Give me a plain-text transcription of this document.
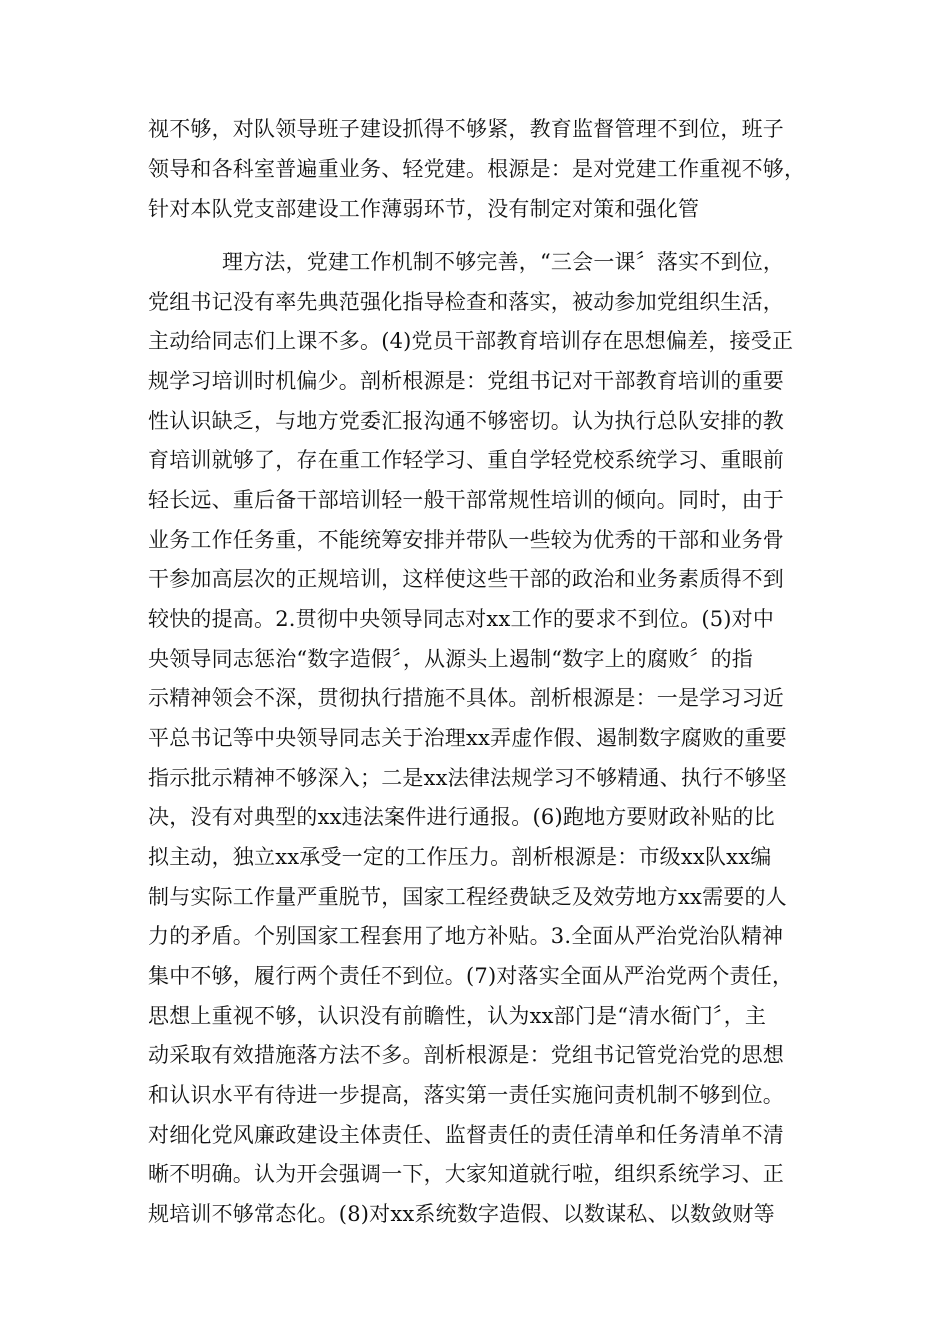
视不够，对队领导班子建设抓得不够紧，教育监督管理不到位，班子
领导和各科室普遍重业务、轻党建。根源是：是对党建工作重视不够，
针对本队党支部建设工作薄弱环节，没有制定对策和强化管
理方法，党建工作机制不够完善，“三会一课〞落实不到位，
党组书记没有率先典范强化指导检查和落实，被动参加党组织生活，
主动给同志们上课不多。(4)党员干部教育培训存在思想偏差，接受正
规学习培训时机偏少。剖析根源是：党组书记对干部教育培训的重要
性认识缺乏，与地方党委汇报沟通不够密切。认为执行总队安排的教
育培训就够了，存在重工作轻学习、重自学轻党校系统学习、重眼前
轻长远、重后备干部培训轻一般干部常规性培训的倾向。同时，由于
业务工作任务重，不能统筹安排并带队一些较为优秀的干部和业务骨
干参加高层次的正规培训，这样使这些干部的政治和业务素质得不到
较快的提高。2.贯彻中央领导同志对xx工作的要求不到位。(5)对中
央领导同志惩治“数字造假〞，从源头上遏制“数字上的腐败〞的指
示精神领会不深，贯彻执行措施不具体。剖析根源是：一是学习习近
平总书记等中央领导同志关于治理xx弄虚作假、遏制数字腐败的重要
指示批示精神不够深入；二是xx法律法规学习不够精通、执行不够坚
决，没有对典型的xx违法案件进行通报。(6)跑地方要财政补贴的比
拟主动，独立xx承受一定的工作压力。剖析根源是：市级xx队xx编
制与实际工作量严重脱节，国家工程经费缺乏及效劳地方xx需要的人
力的矛盾。个别国家工程套用了地方补贴。3.全面从严治党治队精神
集中不够，履行两个责任不到位。(7)对落实全面从严治党两个责任，
思想上重视不够，认识没有前瞻性，认为xx部门是“清水衙门〞，主
动采取有效措施落方法不多。剖析根源是：党组书记管党治党的思想
和认识水平有待进一步提高，落实第一责任实施问责机制不够到位。
对细化党风廉政建设主体责任、监督责任的责任清单和任务清单不清
晰不明确。认为开会强调一下，大家知道就行啦，组织系统学习、正
规培训不够常态化。(8)对xx系统数字造假、以数谋私、以数敛财等
